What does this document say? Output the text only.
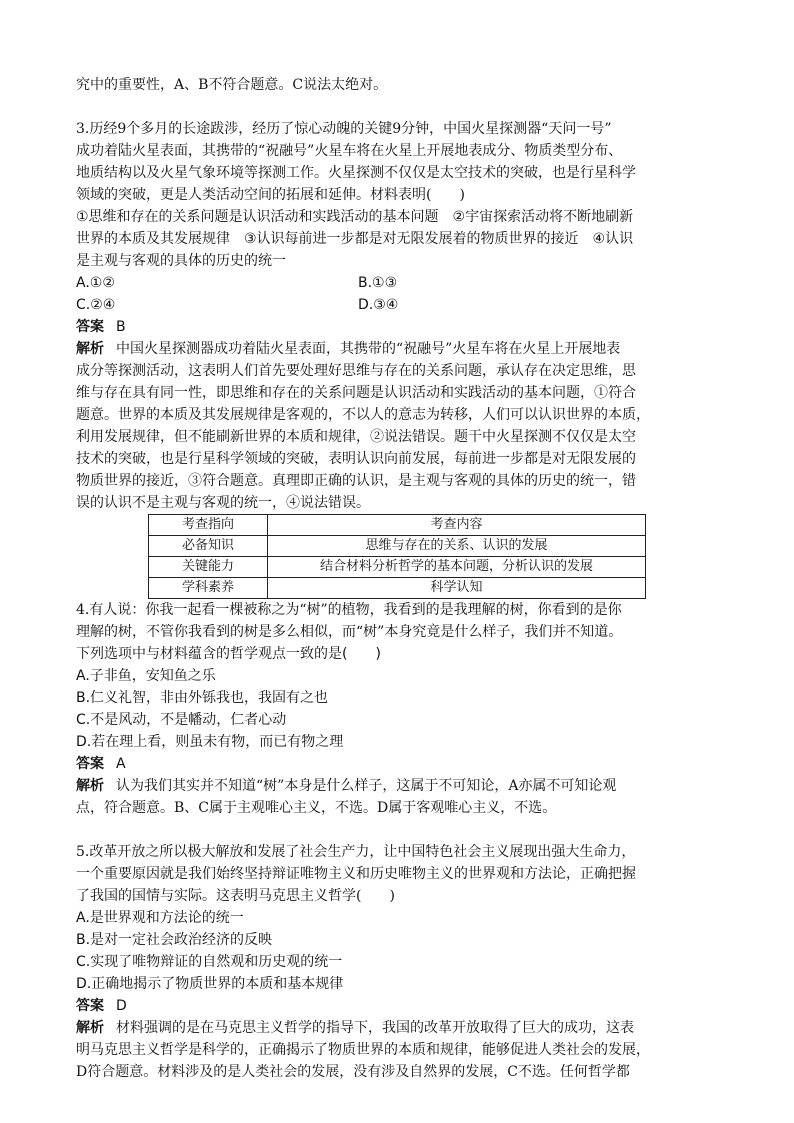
究中的重要性，A、B不符合题意。C说法太绝对。

3.历经9个多月的长途跋涉，经历了惊心动魄的关键9分钟，中国火星探测器“天问一号”

成功着陆火星表面，其携带的“祝融号”火星车将在火星上开展地表成分、物质类型分布、

地质结构以及火星气象环境等探测工作。火星探测不仅仅是太空技术的突破，也是行星科学

领域的突破，更是人类活动空间的拓展和延伸。材料表明(　　)

①思维和存在的关系问题是认识活动和实践活动的基本问题　②宇宙探索活动将不断地刷新

世界的本质及其发展规律　③认识每前进一步都是对无限发展着的物质世界的接近　④认识

是主观与客观的具体的历史的统一

A.①②	B.①③
C.②④	D.③④

答案 B

解析 中国火星探测器成功着陆火星表面，其携带的“祝融号”火星车将在火星上开展地表

成分等探测活动，这表明人们首先要处理好思维与存在的关系问题，承认存在决定思维，思

维与存在具有同一性，即思维和存在的关系问题是认识活动和实践活动的基本问题，①符合

题意。世界的本质及其发展规律是客观的，不以人的意志为转移，人们可以认识世界的本质，

利用发展规律，但不能刷新世界的本质和规律，②说法错误。题干中火星探测不仅仅是太空

技术的突破，也是行星科学领域的突破，表明认识向前发展，每前进一步都是对无限发展的

物质世界的接近，③符合题意。真理即正确的认识，是主观与客观的具体的历史的统一，错

误的认识不是主观与客观的统一，④说法错误。

考查指向	考查内容
必备知识	思维与存在的关系、认识的发展
关键能力	结合材料分析哲学的基本问题，分析认识的发展
学科素养	科学认知

4.有人说：你我一起看一棵被称之为“树”的植物，我看到的是我理解的树，你看到的是你

理解的树，不管你我看到的树是多么相似，而“树”本身究竟是什么样子，我们并不知道。

下列选项中与材料蕴含的哲学观点一致的是(　　)

A.子非鱼，安知鱼之乐

B.仁义礼智，非由外铄我也，我固有之也

C.不是风动，不是幡动，仁者心动

D.若在理上看，则虽未有物，而已有物之理

答案 A

解析 认为我们其实并不知道“树”本身是什么样子，这属于不可知论，A亦属不可知论观

点，符合题意。B、C属于主观唯心主义，不选。D属于客观唯心主义，不选。

5.改革开放之所以极大解放和发展了社会生产力，让中国特色社会主义展现出强大生命力，

一个重要原因就是我们始终坚持辩证唯物主义和历史唯物主义的世界观和方法论，正确把握

了我国的国情与实际。这表明马克思主义哲学(　　)

A.是世界观和方法论的统一

B.是对一定社会政治经济的反映

C.实现了唯物辩证的自然观和历史观的统一

D.正确地揭示了物质世界的本质和基本规律

答案 D

解析 材料强调的是在马克思主义哲学的指导下，我国的改革开放取得了巨大的成功，这表

明马克思主义哲学是科学的，正确揭示了物质世界的本质和规律，能够促进人类社会的发展，

D符合题意。材料涉及的是人类社会的发展，没有涉及自然界的发展，C不选。任何哲学都
